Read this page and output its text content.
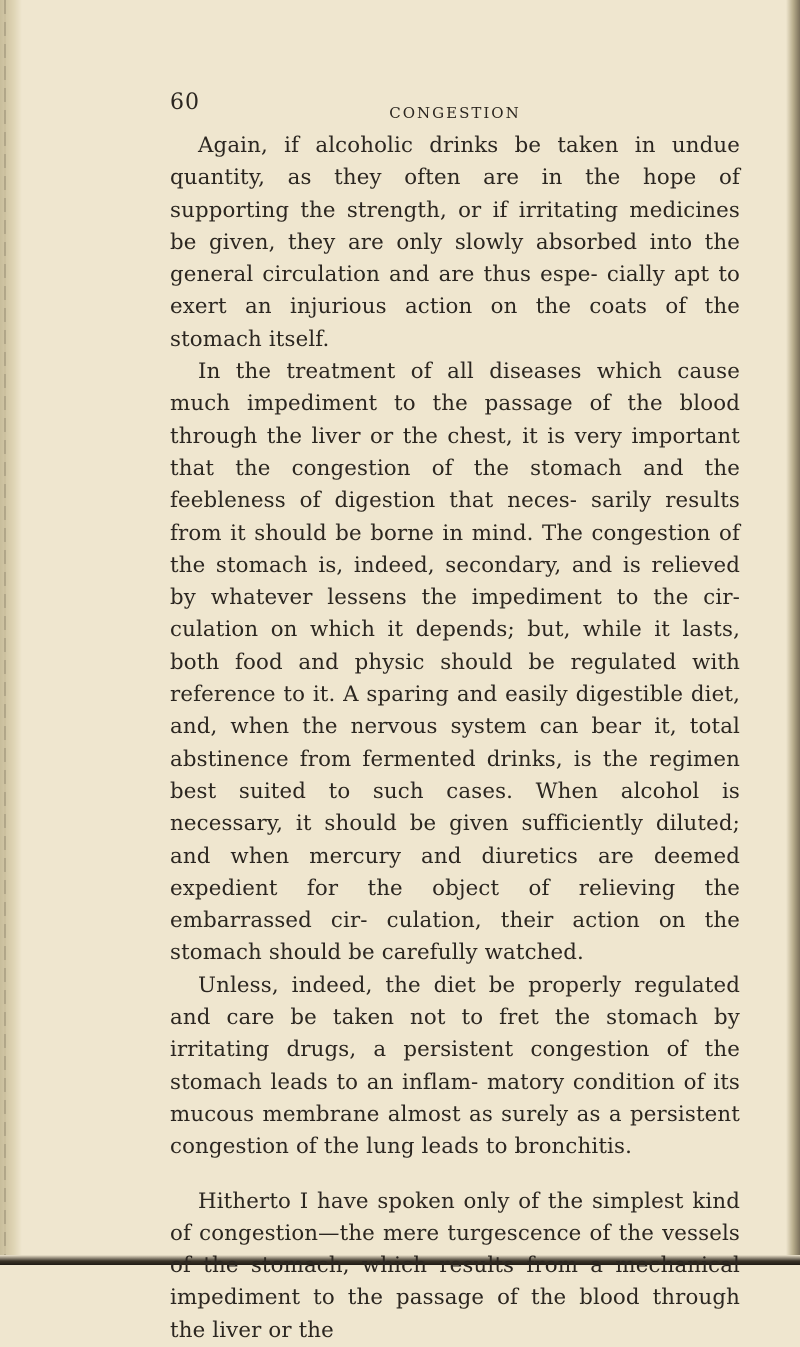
60	CONGESTION

Again, if alcoholic drinks be taken in undue quantity, as they often are in the hope of supporting the strength, or if irritating medicines be given, they are only slowly absorbed into the general circulation and are thus espe- cially apt to exert an injurious action on the coats of the stomach itself.

In the treatment of all diseases which cause much impediment to the passage of the blood through the liver or the chest, it is very important that the congestion of the stomach and the feebleness of digestion that neces- sarily results from it should be borne in mind. The congestion of the stomach is, indeed, secondary, and is relieved by whatever lessens the impediment to the cir- culation on which it depends; but, while it lasts, both food and physic should be regulated with reference to it. A sparing and easily digestible diet, and, when the nervous system can bear it, total abstinence from fermented drinks, is the regimen best suited to such cases. When alcohol is necessary, it should be given sufficiently diluted; and when mercury and diuretics are deemed expedient for the object of relieving the embarrassed cir- culation, their action on the stomach should be carefully watched.

Unless, indeed, the diet be properly regulated and care be taken not to fret the stomach by irritating drugs, a persistent congestion of the stomach leads to an inflam- matory condition of its mucous membrane almost as surely as a persistent congestion of the lung leads to bronchitis.

Hitherto I have spoken only of the simplest kind of congestion—the mere turgescence of the vessels of the stomach, which results from a mechanical impediment to the passage of the blood through the liver or the
